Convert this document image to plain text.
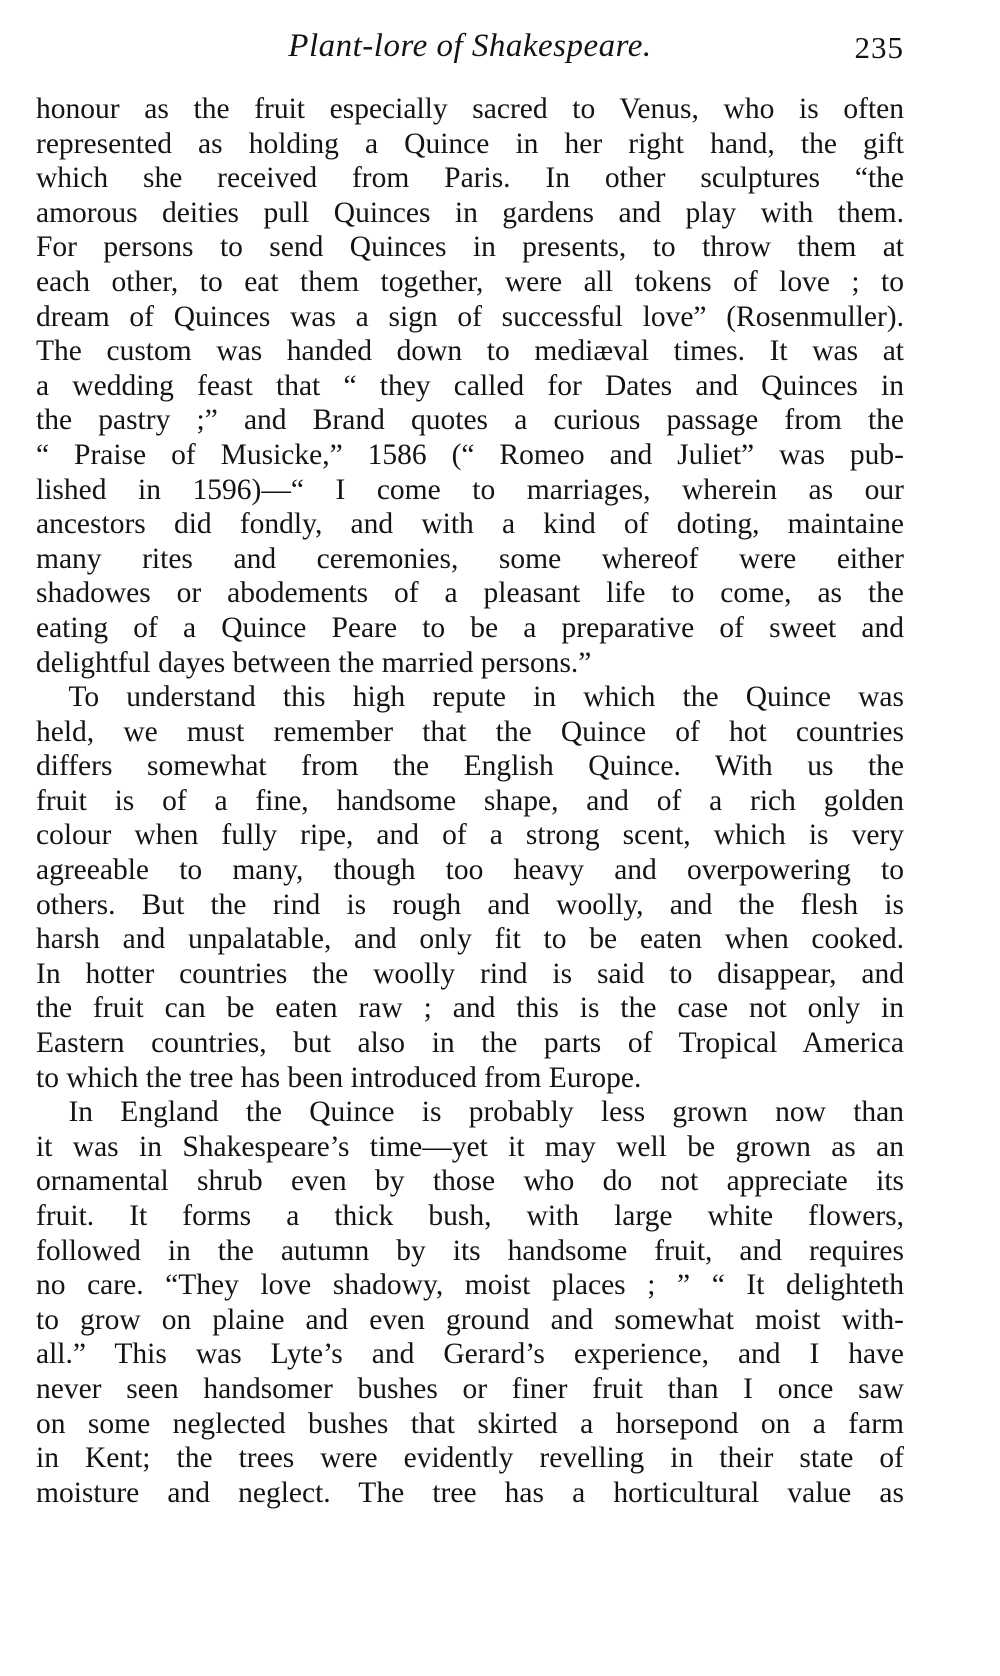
Plant-lore of Shakespeare.	235

honour as the fruit especially sacred to Venus, who is often
represented as holding a Quince in her right hand, the gift
which she received from Paris. In other sculptures “the
amorous deities pull Quinces in gardens and play with them.
For persons to send Quinces in presents, to throw them at
each other, to eat them together, were all tokens of love ; to
dream of Quinces was a sign of successful love” (Rosenmuller).
The custom was handed down to mediæval times. It was at
a wedding feast that “ they called for Dates and Quinces in
the pastry ;” and Brand quotes a curious passage from the
“ Praise of Musicke,” 1586 (“ Romeo and Juliet” was pub-
lished in 1596)—“ I come to marriages, wherein as our
ancestors did fondly, and with a kind of doting, maintaine
many rites and ceremonies, some whereof were either
shadowes or abodements of a pleasant life to come, as the
eating of a Quince Peare to be a preparative of sweet and
delightful dayes between the married persons.”

To understand this high repute in which the Quince was
held, we must remember that the Quince of hot countries
differs somewhat from the English Quince. With us the
fruit is of a fine, handsome shape, and of a rich golden
colour when fully ripe, and of a strong scent, which is very
agreeable to many, though too heavy and overpowering to
others. But the rind is rough and woolly, and the flesh is
harsh and unpalatable, and only fit to be eaten when cooked.
In hotter countries the woolly rind is said to disappear, and
the fruit can be eaten raw ; and this is the case not only in
Eastern countries, but also in the parts of Tropical America
to which the tree has been introduced from Europe.

In England the Quince is probably less grown now than
it was in Shakespeare’s time—yet it may well be grown as an
ornamental shrub even by those who do not appreciate its
fruit. It forms a thick bush, with large white flowers,
followed in the autumn by its handsome fruit, and requires
no care. “They love shadowy, moist places ; ” “ It delighteth
to grow on plaine and even ground and somewhat moist with-
all.” This was Lyte’s and Gerard’s experience, and I have
never seen handsomer bushes or finer fruit than I once saw
on some neglected bushes that skirted a horsepond on a farm
in Kent; the trees were evidently revelling in their state of
moisture and neglect. The tree has a horticultural value as
